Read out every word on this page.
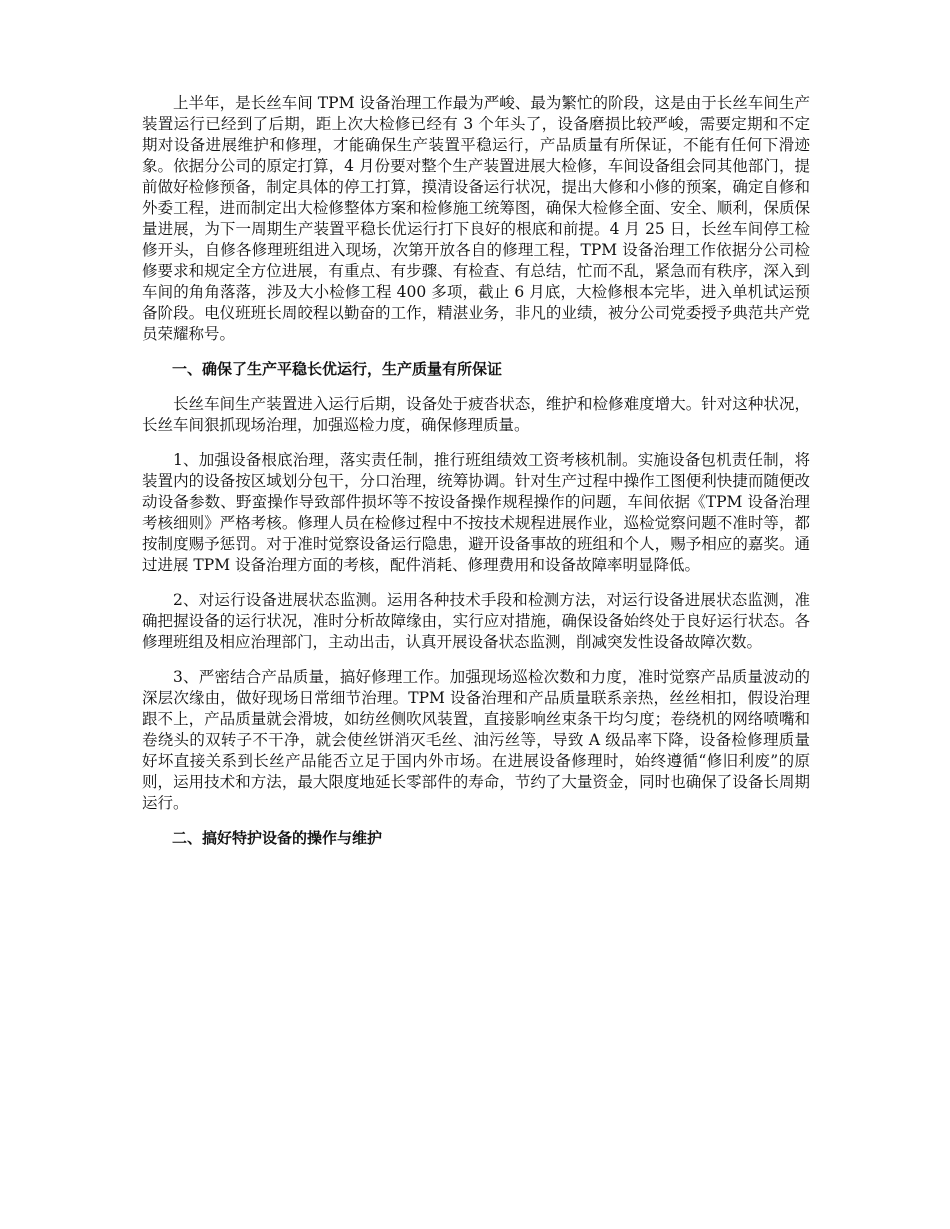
上半年，是长丝车间 TPM 设备治理工作最为严峻、最为繁忙的阶段，这是由于长丝车间生产装置运行已经到了后期，距上次大检修已经有 3 个年头了，设备磨损比较严峻，需要定期和不定期对设备进展维护和修理，才能确保生产装置平稳运行，产品质量有所保证，不能有任何下滑迹象。依据分公司的原定打算，4 月份要对整个生产装置进展大检修，车间设备组会同其他部门，提前做好检修预备，制定具体的停工打算，摸清设备运行状况，提出大修和小修的预案，确定自修和外委工程，进而制定出大检修整体方案和检修施工统筹图，确保大检修全面、安全、顺利，保质保量进展，为下一周期生产装置平稳长优运行打下良好的根底和前提。4 月 25 日，长丝车间停工检修开头，自修各修理班组进入现场，次第开放各自的修理工程，TPM 设备治理工作依据分公司检修要求和规定全方位进展，有重点、有步骤、有检查、有总结，忙而不乱，紧急而有秩序，深入到车间的角角落落，涉及大小检修工程 400 多项，截止 6 月底，大检修根本完毕，进入单机试运预备阶段。电仪班班长周皎程以勤奋的工作，精湛业务，非凡的业绩，被分公司党委授予典范共产党员荣耀称号。

一、确保了生产平稳长优运行，生产质量有所保证

长丝车间生产装置进入运行后期，设备处于疲沓状态，维护和检修难度增大。针对这种状况，长丝车间狠抓现场治理，加强巡检力度，确保修理质量。

1、加强设备根底治理，落实责任制，推行班组绩效工资考核机制。实施设备包机责任制，将装置内的设备按区域划分包干，分口治理，统筹协调。针对生产过程中操作工图便利快捷而随便改动设备参数、野蛮操作导致部件损坏等不按设备操作规程操作的问题，车间依据《TPM 设备治理考核细则》严格考核。修理人员在检修过程中不按技术规程进展作业，巡检觉察问题不准时等，都按制度赐予惩罚。对于准时觉察设备运行隐患，避开设备事故的班组和个人，赐予相应的嘉奖。通过进展 TPM 设备治理方面的考核，配件消耗、修理费用和设备故障率明显降低。

2、对运行设备进展状态监测。运用各种技术手段和检测方法，对运行设备进展状态监测，准确把握设备的运行状况，准时分析故障缘由，实行应对措施，确保设备始终处于良好运行状态。各修理班组及相应治理部门，主动出击，认真开展设备状态监测，削减突发性设备故障次数。

3、严密结合产品质量，搞好修理工作。加强现场巡检次数和力度，准时觉察产品质量波动的深层次缘由，做好现场日常细节治理。TPM 设备治理和产品质量联系亲热，丝丝相扣，假设治理跟不上，产品质量就会滑坡，如纺丝侧吹风装置，直接影响丝束条干均匀度；卷绕机的网络喷嘴和卷绕头的双转子不干净，就会使丝饼消灭毛丝、油污丝等，导致 A 级品率下降，设备检修理质量好坏直接关系到长丝产品能否立足于国内外市场。在进展设备修理时，始终遵循“修旧利废”的原则，运用技术和方法，最大限度地延长零部件的寿命，节约了大量资金，同时也确保了设备长周期运行。

二、搞好特护设备的操作与维护
